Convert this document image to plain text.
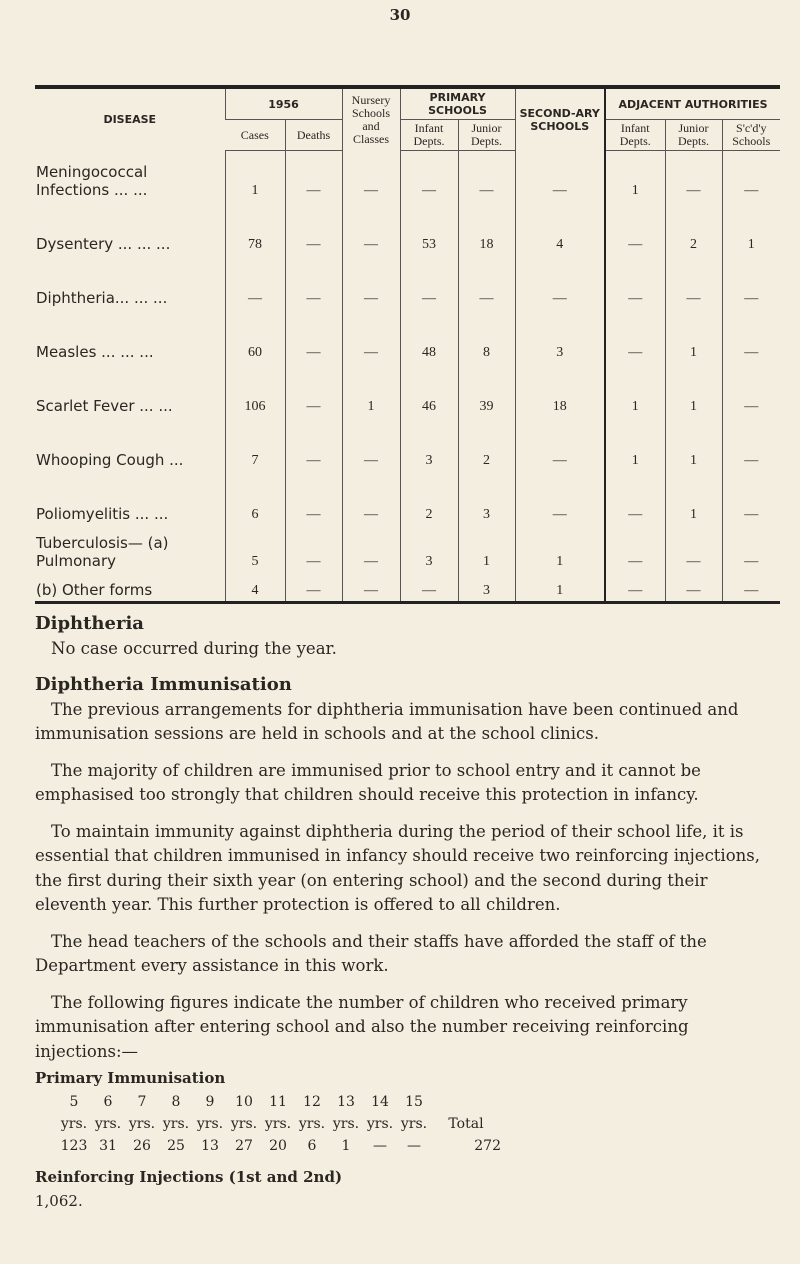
30
DISEASE	1956		Nursery Schools and Classes	PRIMARY SCHOOLS		SECOND-ARY SCHOOLS	ADJACENT AUTHORITIES		
	Cases	Deaths		Infant Depts.	Junior Depts.		Infant Depts.	Junior Depts.	S'c'd'y Schools
Meningococcal Infections ... ...	1	—	—	—	—	—	1	—	—
Dysentery ... ... ...	78	—	—	53	18	4	—	2	1
Diphtheria... ... ...	—	—	—	—	—	—	—	—	—
Measles ... ... ...	60	—	—	48	8	3	—	1	—
Scarlet Fever ... ...	106	—	1	46	39	18	1	1	—
Whooping Cough ...	7	—	—	3	2	—	1	1	—
Poliomyelitis ... ...	6	—	—	2	3	—	—	1	—
Tuberculosis— (a) Pulmonary	5	—	—	3	1	1	—	—	—
(b) Other forms	4	—	—	—	3	1	—	—	—
Diphtheria

No case occurred during the year.

Diphtheria Immunisation

The previous arrangements for diphtheria immunisation have been continued and immunisation sessions are held in schools and at the school clinics.

The majority of children are immunised prior to school entry and it cannot be emphasised too strongly that children should receive this protection in infancy.

To maintain immunity against diphtheria during the period of their school life, it is essential that children immunised in infancy should receive two reinforcing injections, the first during their sixth year (on entering school) and the second during their eleventh year. This further protection is offered to all children.

The head teachers of the schools and their staffs have afforded the staff of the Department every assistance in this work.

The following figures indicate the number of children who received primary immunisation after entering school and also the number receiving reinforcing injections:—

Primary Immunisation
5	6	7	8	9	10	11	12	13	14	15
yrs. yrs. yrs. yrs. yrs. yrs. yrs. yrs. yrs. yrs. yrs.	Total
123 31	26	25	13	27	20	6	1	—	—	272
Reinforcing Injections (1st and 2nd)
1,062.
